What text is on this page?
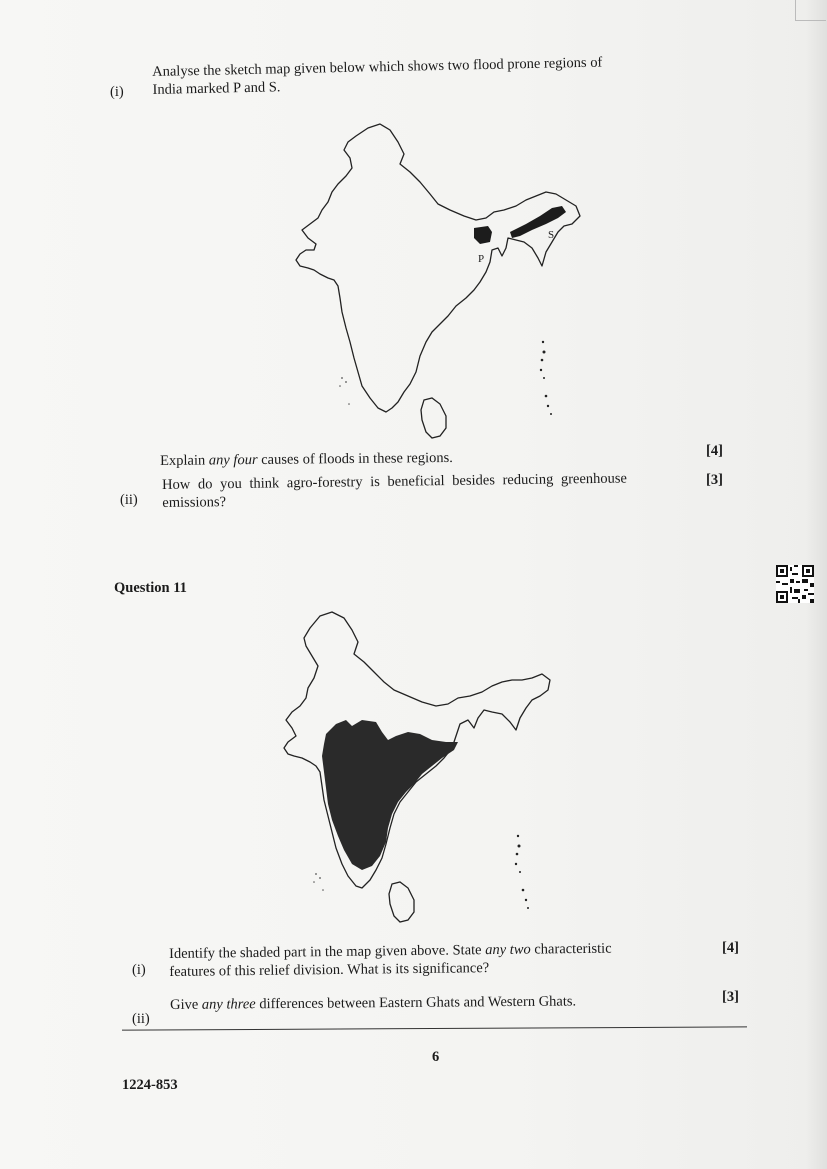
(i)
Analyse the sketch map given below which shows two flood prone regions of
India marked P and S.
P
S
Explain any four causes of floods in these regions.	[4]
(ii)
How do you think agro-forestry is beneficial besides reducing greenhouse
emissions?
[3]
Question 11
(i)
Identify the shaded part in the map given above. State any two characteristic
features of this relief division. What is its significance?
[4]
(ii)
Give any three differences between Eastern Ghats and Western Ghats.	[3]
6
1224-853
